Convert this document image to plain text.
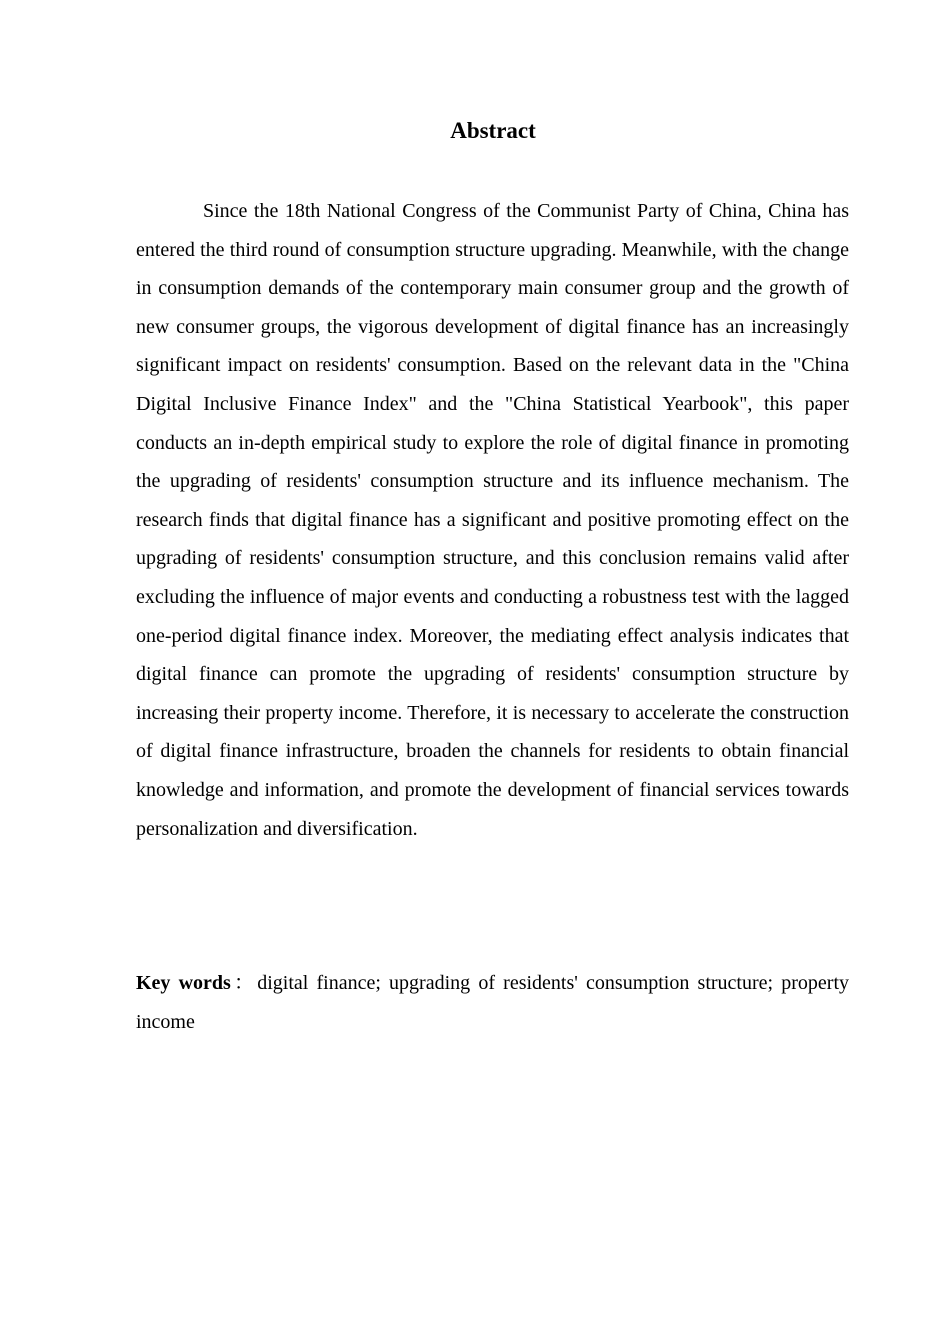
Abstract

Since the 18th National Congress of the Communist Party of China, China has entered the third round of consumption structure upgrading. Meanwhile, with the change in consumption demands of the contemporary main consumer group and the growth of new consumer groups, the vigorous development of digital finance has an increasingly significant impact on residents' consumption. Based on the relevant data in the "China Digital Inclusive Finance Index" and the "China Statistical Yearbook", this paper conducts an in-depth empirical study to explore the role of digital finance in promoting the upgrading of residents' consumption structure and its influence mechanism. The research finds that digital finance has a significant and positive promoting effect on the upgrading of residents' consumption structure, and this conclusion remains valid after excluding the influence of major events and conducting a robustness test with the lagged one-period digital finance index. Moreover, the mediating effect analysis indicates that digital finance can promote the upgrading of residents' consumption structure by increasing their property income. Therefore, it is necessary to accelerate the construction of digital finance infrastructure, broaden the channels for residents to obtain financial knowledge and information, and promote the development of financial services towards personalization and diversification.

Key words：digital finance; upgrading of residents' consumption structure; property income
